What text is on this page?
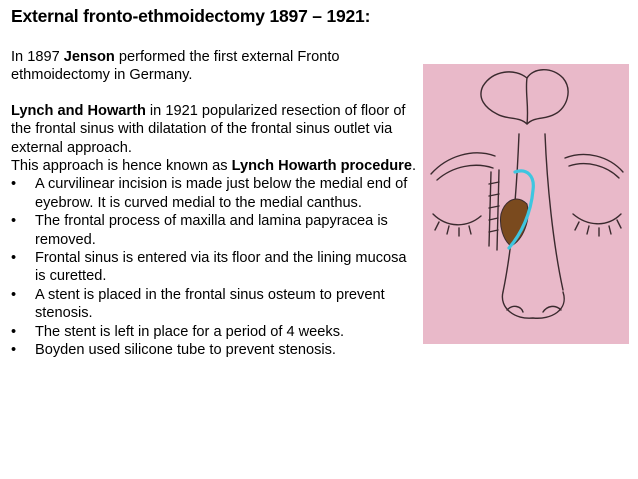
External fronto-ethmoidectomy 1897 – 1921:

In 1897 Jenson performed the first external Fronto ethmoidectomy in Germany.

Lynch and Howarth in 1921 popularized resection of floor of the frontal sinus with dilatation of the frontal sinus outlet via external approach.

This approach is hence known as Lynch Howarth procedure.

• A curvilinear incision is made just below the medial end of eyebrow. It is curved medial to the medial canthus.
• The frontal process of maxilla and lamina papyracea is removed.
• Frontal sinus is entered via its floor and the lining mucosa is curetted.
• A stent is placed in the frontal sinus osteum to prevent stenosis.
• The stent is left in place for a period of 4 weeks.
• Boyden used silicone tube to prevent stenosis.
